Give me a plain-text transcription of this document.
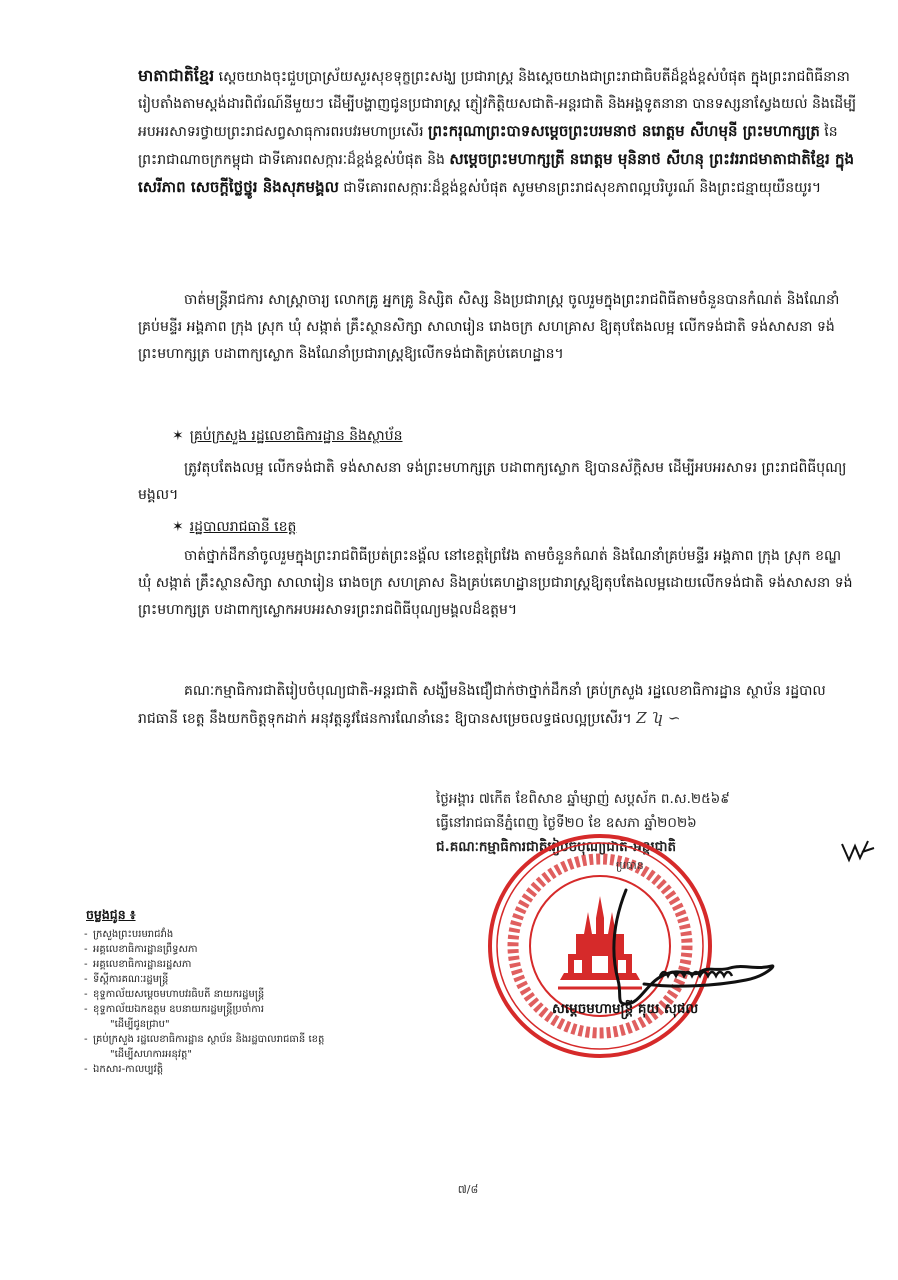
មាតាជាតិខ្មែរ ស្តេចយាងចុះជួបប្រាស្រ័យសួរសុខទុក្ខព្រះសង្ឃ ប្រជារាស្ត្រ និងស្តេចយាងជាព្រះរាជាធិបតីដ៏ខ្ពង់ខ្ពស់បំផុត ក្នុងព្រះរាជពិធីនានា រៀបតាំងតាមស្តង់ដារពិព័រណ៍នីមួយៗ ដើម្បីបង្ហាញជូនប្រជារាស្ត្រ ភ្ញៀវកិត្តិយសជាតិ-អន្តរជាតិ និងអង្គទូតនានា បានទស្សនាស្វែងយល់ និងដើម្បីអបអរសាទរថ្វាយព្រះរាជសព្វសាធុការពរបវរមហាប្រសើរ ព្រះករុណាព្រះបាទសម្តេចព្រះបរមនាថ នរោត្តម សីហមុនី ព្រះមហាក្សត្រ នៃព្រះរាជាណាចក្រកម្ពុជា ជាទីគោរពសក្ការៈដ៏ខ្ពង់ខ្ពស់បំផុត និង សម្តេចព្រះមហាក្សត្រី នរោត្តម មុនិនាថ សីហនុ ព្រះវររាជមាតាជាតិខ្មែរ ក្នុងសេរីភាព សេចក្តីថ្លៃថ្នូរ និងសុភមង្គល ជាទីគោរពសក្ការៈដ៏ខ្ពង់ខ្ពស់បំផុត សូមមានព្រះរាជសុខភាពល្អបរិបូរណ៍ និងព្រះជន្មាយុយឺនយូរ។
ចាត់មន្ត្រីរាជការ សាស្ត្រាចារ្យ លោកគ្រូ អ្នកគ្រូ និស្សិត សិស្ស និងប្រជារាស្ត្រ ចូលរួមក្នុងព្រះរាជពិធីតាមចំនួនបានកំណត់ និងណែនាំគ្រប់មន្ទីរ អង្គភាព ក្រុង ស្រុក ឃុំ សង្កាត់ គ្រឹះស្ថានសិក្សា សាលារៀន រោងចក្រ សហគ្រាស ឱ្យតុបតែងលម្អ លើកទង់ជាតិ ទង់សាសនា ទង់ព្រះមហាក្សត្រ បដាពាក្យស្លោក និងណែនាំប្រជារាស្ត្រឱ្យលើកទង់ជាតិគ្រប់គេហដ្ឋាន។
✶ គ្រប់ក្រសួង រដ្ឋលេខាធិការដ្ឋាន និងស្ថាប័ន
ត្រូវតុបតែងលម្អ លើកទង់ជាតិ ទង់សាសនា ទង់ព្រះមហាក្សត្រ បដាពាក្យស្លោក ឱ្យបានស័ក្តិសម ដើម្បីអបអរសាទរ ព្រះរាជពិធីបុណ្យមង្គល។
✶ រដ្ឋបាលរាជធានី ខេត្ត
ចាត់ថ្នាក់ដឹកនាំចូលរួមក្នុងព្រះរាជពិធីប្រត់ព្រះនង្គ័ល នៅខេត្តព្រៃវែង តាមចំនួនកំណត់ និងណែនាំគ្រប់មន្ទីរ អង្គភាព ក្រុង ស្រុក ខណ្ឌ ឃុំ សង្កាត់ គ្រឹះស្ថានសិក្សា សាលារៀន រោងចក្រ សហគ្រាស និងគ្រប់គេហដ្ឋានប្រជារាស្ត្រឱ្យតុបតែងលម្អដោយលើកទង់ជាតិ ទង់សាសនា ទង់ព្រះមហាក្សត្រ បដាពាក្យស្លោកអបអរសាទរព្រះរាជពិធីបុណ្យមង្គលដ៏ឧត្តម។
គណៈកម្មាធិការជាតិរៀបចំបុណ្យជាតិ-អន្តរជាតិ សង្ឃឹមនិងជឿជាក់ថាថ្នាក់ដឹកនាំ គ្រប់ក្រសួង រដ្ឋលេខាធិការដ្ឋាន ស្ថាប័ន រដ្ឋបាលរាជធានី ខេត្ត នឹងយកចិត្តទុកដាក់ អនុវត្តនូវផែនការណែនាំនេះ ឱ្យបានសម្រេចលទ្ធផលល្អប្រសើរ។ Z ʮ ∽
ថ្ងៃអង្គារ ៧កើត ខែពិសាខ ឆ្នាំម្សាញ់ សប្តស័ក ព.ស.២៥៦៩
ធ្វើនៅរាជធានីភ្នំពេញ ថ្ងៃទី២០ ខែ ឧសភា ឆ្នាំ២០២៦
ជ.គណៈកម្មាធិការជាតិរៀបចំបុណ្យជាតិ-អន្តរជាតិ
ប្រធាន
សម្តេចមហាមន្ត្រី គុយ សុផល
ចម្លងជូន ៖
- ក្រសួងព្រះបរមរាជវាំង
- អគ្គលេខាធិការដ្ឋានព្រឹទ្ធសភា
- អគ្គលេខាធិការដ្ឋានរដ្ឋសភា
- ទីស្តីការគណៈរដ្ឋមន្ត្រី
- ខុទ្ទកាល័យសម្តេចមហាបវរធិបតី នាយករដ្ឋមន្ត្រី
- ខុទ្ទកាល័យឯកឧត្តម ឧបនាយករដ្ឋមន្ត្រីប្រចាំការ
"ដើម្បីជូនជ្រាប"
- គ្រប់ក្រសួង រដ្ឋលេខាធិការដ្ឋាន ស្ថាប័ន និងរដ្ឋបាលរាជធានី ខេត្ត
"ដើម្បីសហការអនុវត្ត"
- ឯកសារ-កាលប្បវត្តិ
៧/៨
